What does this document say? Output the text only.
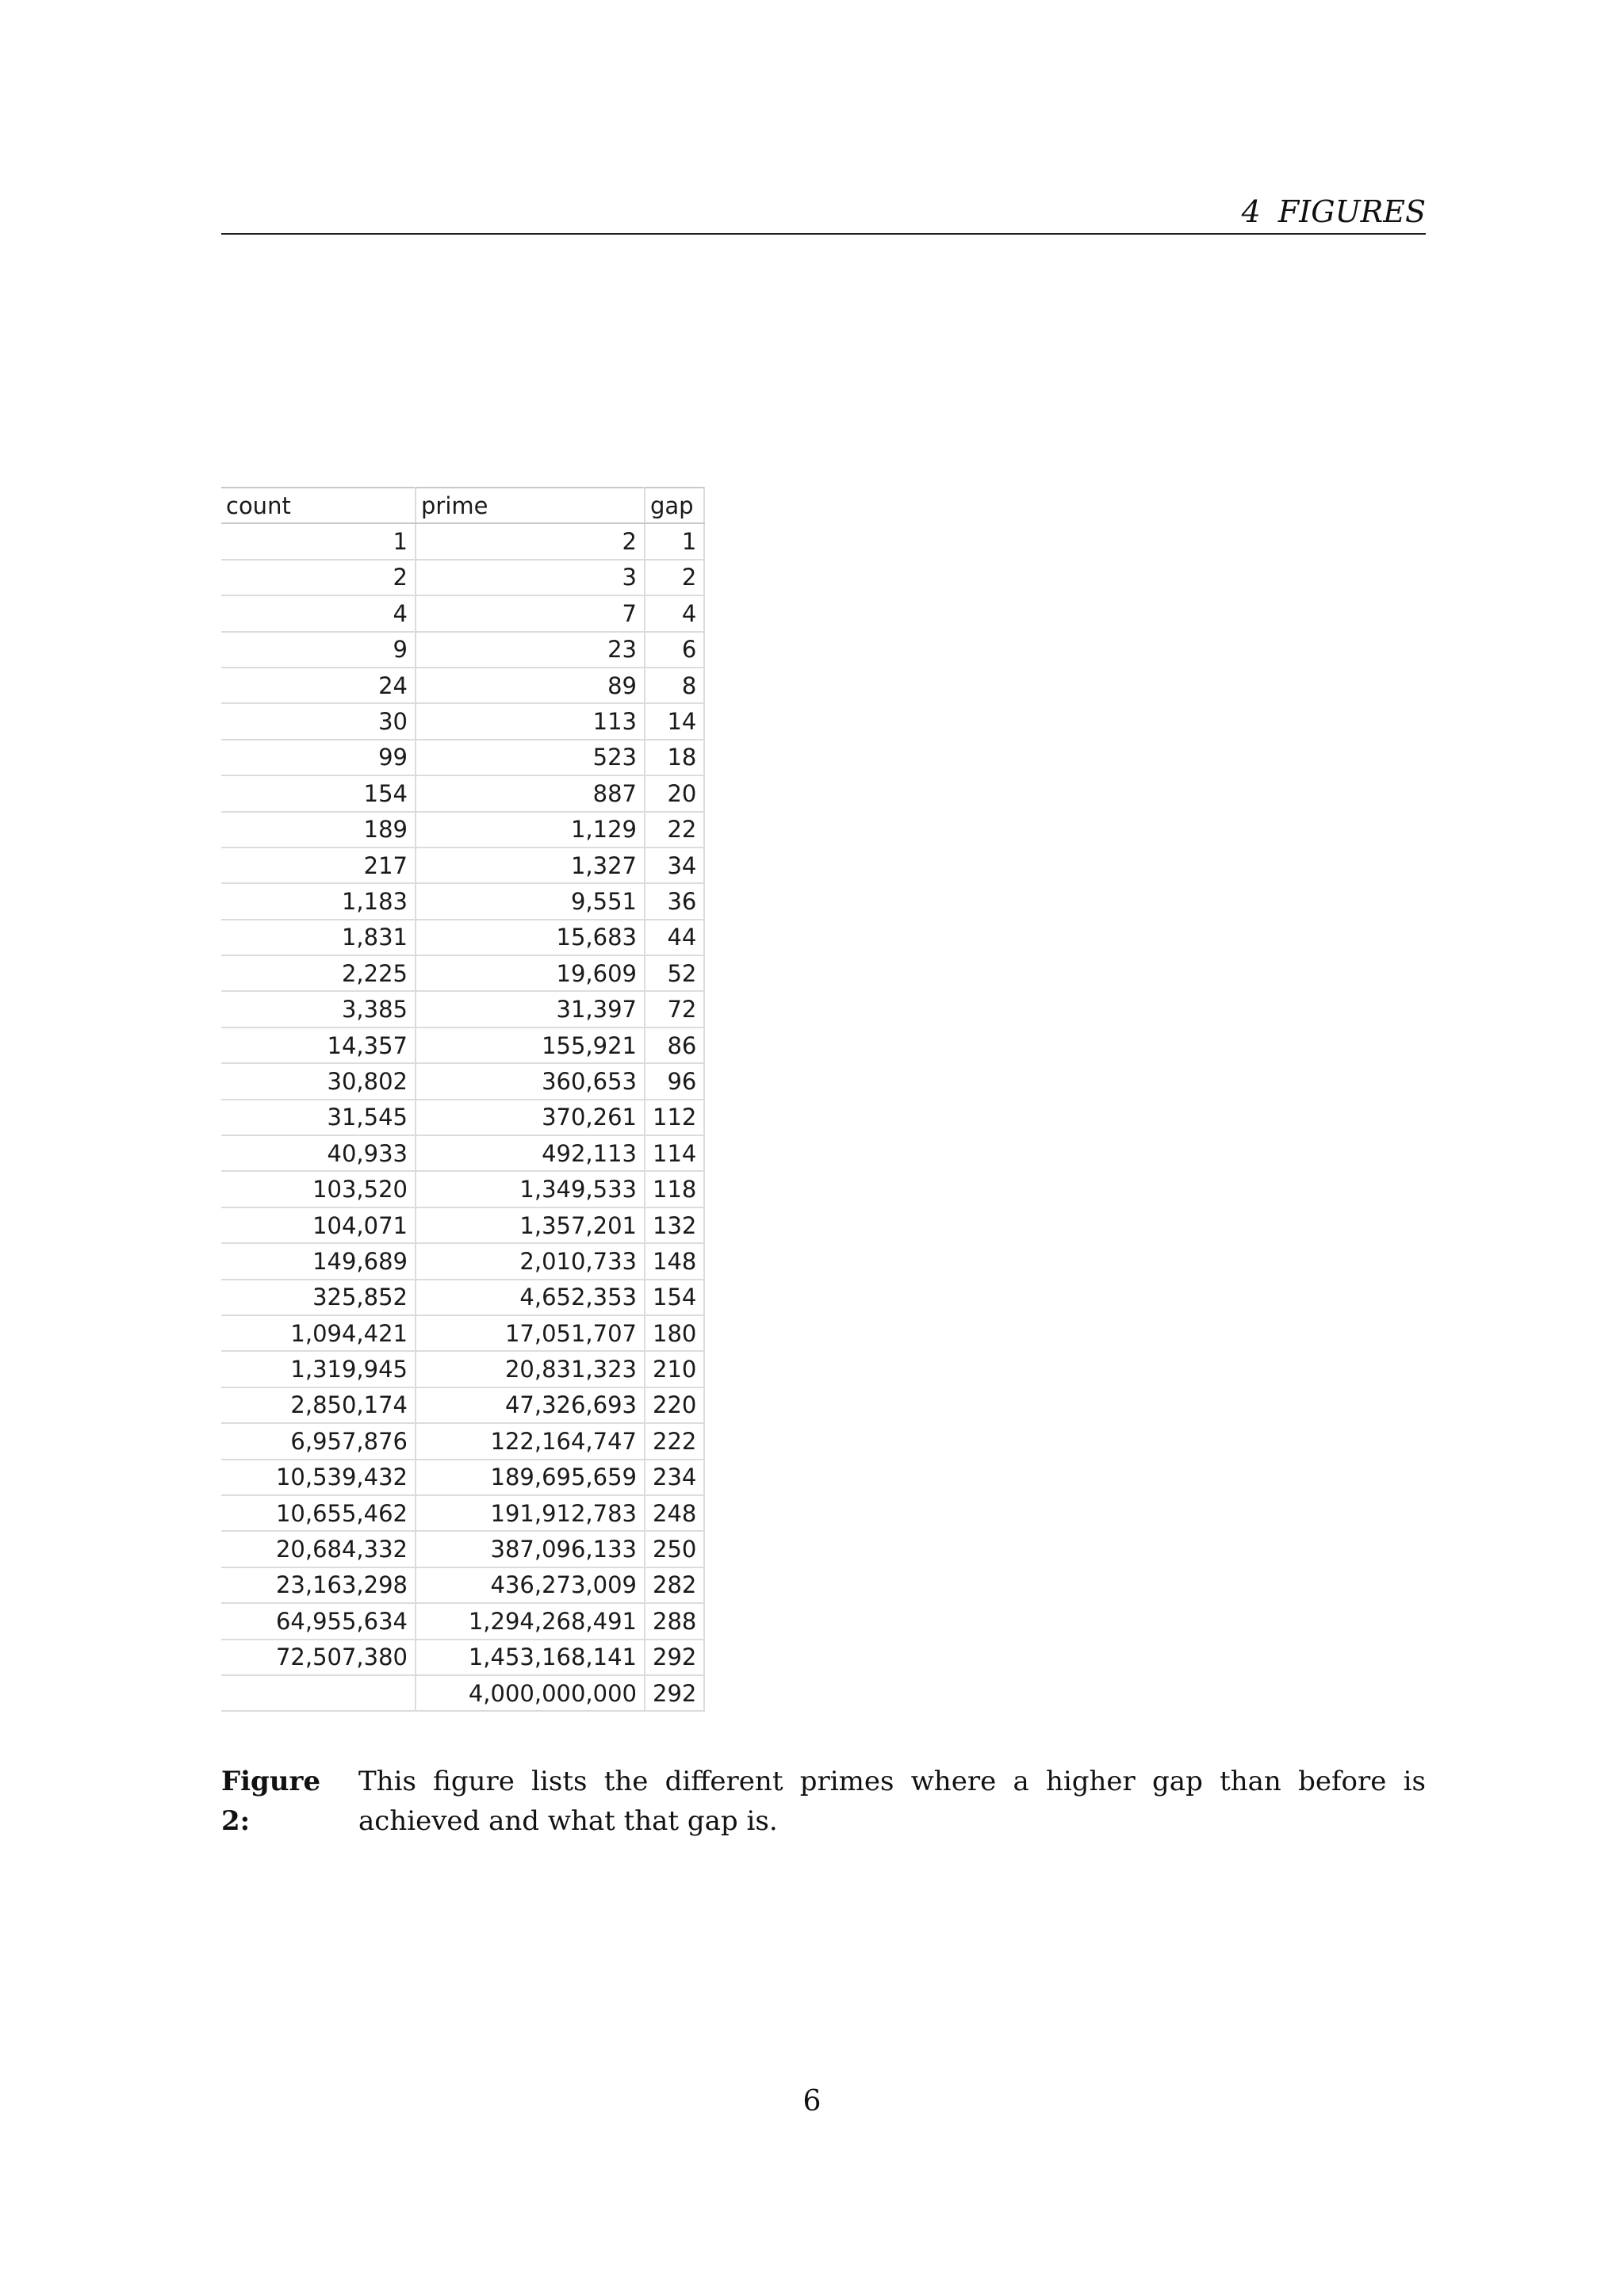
4 FIGURES
count	prime	gap
1	2	1
2	3	2
4	7	4
9	23	6
24	89	8
30	113	14
99	523	18
154	887	20
189	1,129	22
217	1,327	34
1,183	9,551	36
1,831	15,683	44
2,225	19,609	52
3,385	31,397	72
14,357	155,921	86
30,802	360,653	96
31,545	370,261	112
40,933	492,113	114
103,520	1,349,533	118
104,071	1,357,201	132
149,689	2,010,733	148
325,852	4,652,353	154
1,094,421	17,051,707	180
1,319,945	20,831,323	210
2,850,174	47,326,693	220
6,957,876	122,164,747	222
10,539,432	189,695,659	234
10,655,462	191,912,783	248
20,684,332	387,096,133	250
23,163,298	436,273,009	282
64,955,634	1,294,268,491	288
72,507,380	1,453,168,141	292
	4,000,000,000	292
Figure 2:
This figure lists the different primes where a higher gap than before is achieved and what that gap is.
6
